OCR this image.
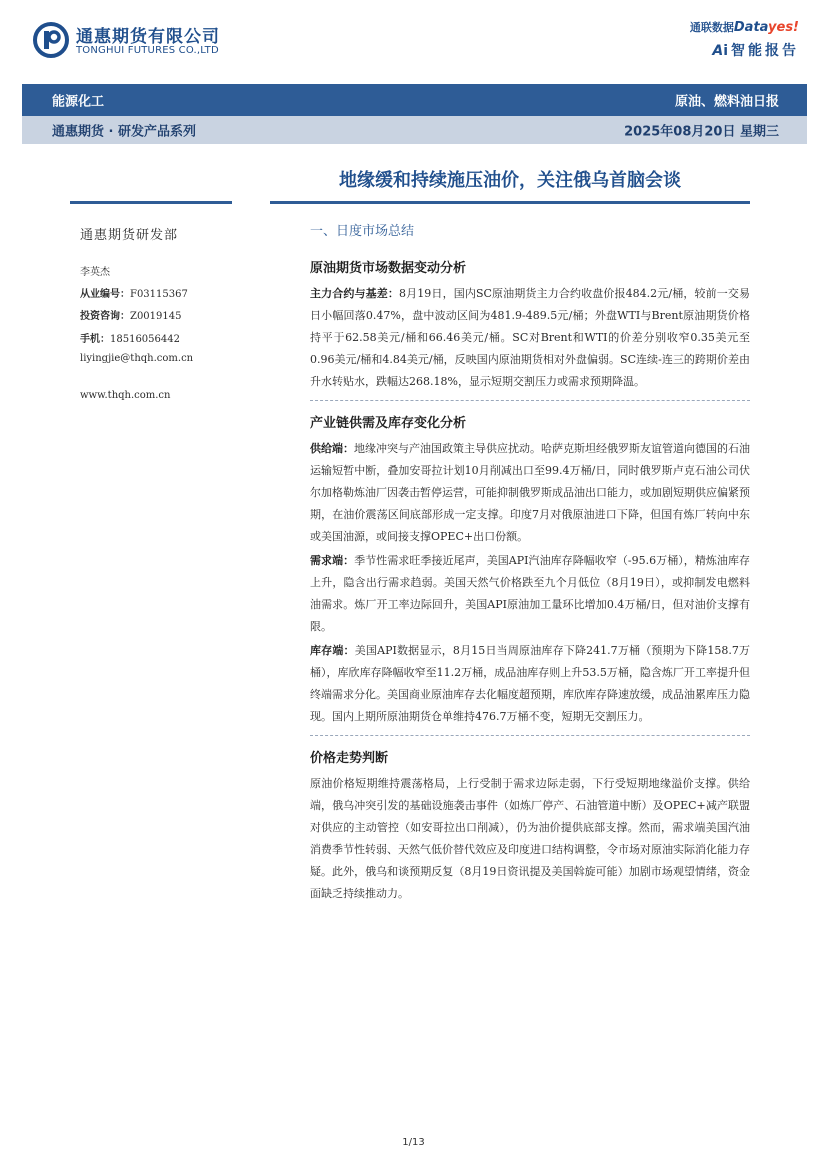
通惠期货有限公司
TONGHUI FUTURES CO.,LTD
通联数据Datayes!
Ai智能报告
能源化工	原油、燃料油日报
通惠期货 · 研发产品系列	2025年08月20日 星期三
地缘缓和持续施压油价，关注俄乌首脑会谈
通惠期货研发部
李英杰
从业编号：F03115367
投资咨询：Z0019145
手机：18516056442
liyingjie@thqh.com.cn
www.thqh.com.cn
一、日度市场总结
原油期货市场数据变动分析

主力合约与基差：8月19日，国内SC原油期货主力合约收盘价报484.2元/桶，较前一交易日小幅回落0.47%，盘中波动区间为481.9-489.5元/桶；外盘WTI与Brent原油期货价格持平于62.58美元/桶和66.46美元/桶。SC对Brent和WTI的价差分别收窄0.35美元至0.96美元/桶和4.84美元/桶，反映国内原油期货相对外盘偏弱。SC连续-连三的跨期价差由升水转贴水，跌幅达268.18%，显示短期交割压力或需求预期降温。

产业链供需及库存变化分析

供给端：地缘冲突与产油国政策主导供应扰动。哈萨克斯坦经俄罗斯友谊管道向德国的石油运输短暂中断，叠加安哥拉计划10月削减出口至99.4万桶/日，同时俄罗斯卢克石油公司伏尔加格勒炼油厂因袭击暂停运营，可能抑制俄罗斯成品油出口能力，或加剧短期供应偏紧预期，在油价震荡区间底部形成一定支撑。印度7月对俄原油进口下降，但国有炼厂转向中东或美国油源，或间接支撑OPEC+出口份额。

需求端：季节性需求旺季接近尾声，美国API汽油库存降幅收窄（-95.6万桶），精炼油库存上升，隐含出行需求趋弱。美国天然气价格跌至九个月低位（8月19日），或抑制发电燃料油需求。炼厂开工率边际回升，美国API原油加工量环比增加0.4万桶/日，但对油价支撑有限。

库存端：美国API数据显示，8月15日当周原油库存下降241.7万桶（预期为下降158.7万桶），库欣库存降幅收窄至11.2万桶，成品油库存则上升53.5万桶，隐含炼厂开工率提升但终端需求分化。美国商业原油库存去化幅度超预期，库欣库存降速放缓，成品油累库压力隐现。国内上期所原油期货仓单维持476.7万桶不变，短期无交割压力。

价格走势判断

原油价格短期维持震荡格局，上行受制于需求边际走弱，下行受短期地缘溢价支撑。供给端，俄乌冲突引发的基础设施袭击事件（如炼厂停产、石油管道中断）及OPEC+减产联盟对供应的主动管控（如安哥拉出口削减），仍为油价提供底部支撑。然而，需求端美国汽油消费季节性转弱、天然气低价替代效应及印度进口结构调整，令市场对原油实际消化能力存疑。此外，俄乌和谈预期反复（8月19日资讯提及美国斡旋可能）加剧市场观望情绪，资金面缺乏持续推动力。

1/13
